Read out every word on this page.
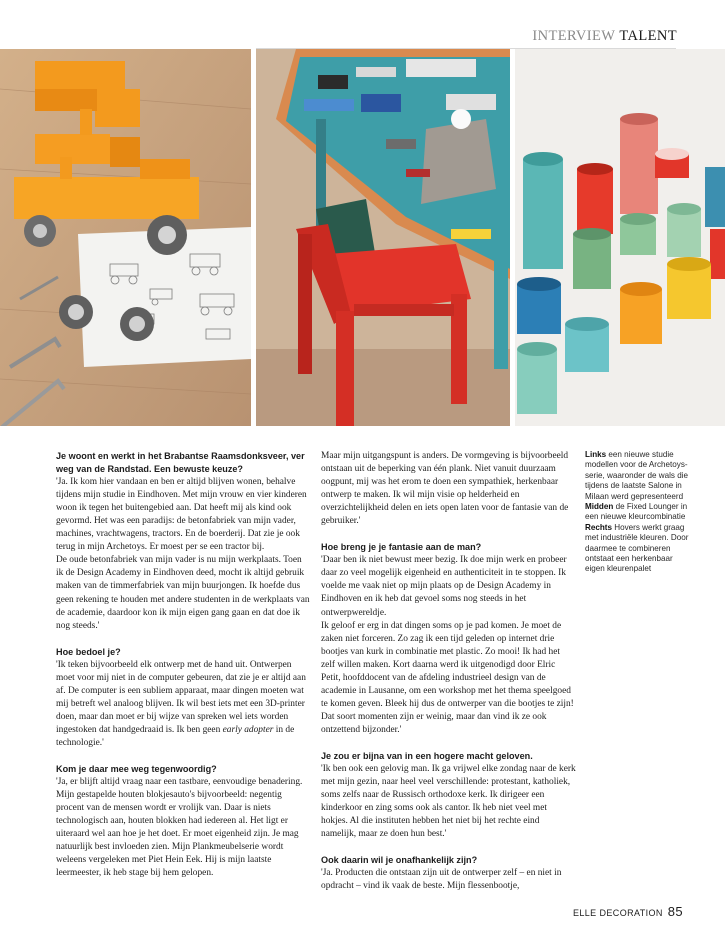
INTERVIEW TALENT

Je woont en werkt in het Brabantse Raamsdonksveer, ver weg van de Randstad. Een bewuste keuze?

'Ja. Ik kom hier vandaan en ben er altijd blijven wonen, behalve tijdens mijn studie in Eindhoven. Met mijn vrouw en vier kinderen woon ik tegen het buitengebied aan. Dat heeft mij als kind ook gevormd. Het was een paradijs: de betonfabriek van mijn vader, machines, vrachtwagens, tractors. En de boerderij. Dat zie je ook terug in mijn Archetoys. Er moest per se een tractor bij.

De oude betonfabriek van mijn vader is nu mijn werkplaats. Toen ik de Design Academy in Eindhoven deed, mocht ik altijd gebruik maken van de timmerfabriek van mijn buurjongen. Ik hoefde dus geen rekening te houden met andere studenten in de werkplaats van de academie, daardoor kon ik mijn eigen gang gaan en dat doe ik nog steeds.'

Hoe bedoel je?

'Ik teken bijvoorbeeld elk ontwerp met de hand uit. Ontwerpen moet voor mij niet in de computer gebeuren, dat zie je er altijd aan af. De computer is een subliem apparaat, maar dingen moeten wat mij betreft wel analoog blijven. Ik wil best iets met een 3D-printer doen, maar dan moet er bij wijze van spreken wel iets worden ingestoken dat handgedraaid is. Ik ben geen early adopter in de technologie.'

Kom je daar mee weg tegenwoordig?

'Ja, er blijft altijd vraag naar een tastbare, eenvoudige benadering. Mijn gestapelde houten blokjesauto's bijvoorbeeld: negentig procent van de mensen wordt er vrolijk van. Daar is niets technologisch aan, houten blokken had iedereen al. Het ligt er uiteraard wel aan hoe je het doet. Er moet eigenheid zijn. Je mag natuurlijk best invloeden zien. Mijn Plankmeubelserie wordt weleens vergeleken met Piet Hein Eek. Hij is mijn laatste leermeester, ik heb stage bij hem gelopen.

Maar mijn uitgangspunt is anders. De vormgeving is bijvoorbeeld ontstaan uit de beperking van één plank. Niet vanuit duurzaam oogpunt, mij was het erom te doen een sympathiek, herkenbaar ontwerp te maken. Ik wil mijn visie op helderheid en overzichtelijkheid delen en iets open laten voor de fantasie van de gebruiker.'

Hoe breng je je fantasie aan de man?

'Daar ben ik niet bewust meer bezig. Ik doe mijn werk en probeer daar zo veel mogelijk eigenheid en authenticiteit in te stoppen. Ik voelde me vaak niet op mijn plaats op de Design Academy in Eindhoven en ik heb dat gevoel soms nog steeds in het ontwerpwereldje.

Ik geloof er erg in dat dingen soms op je pad komen. Je moet de zaken niet forceren. Zo zag ik een tijd geleden op internet drie bootjes van kurk in combinatie met plastic. Zo mooi! Ik had het zelf willen maken. Kort daarna werd ik uitgenodigd door Elric Petit, hoofddocent van de afdeling industrieel design van de academie in Lausanne, om een workshop met het thema speelgoed te komen geven. Bleek hij dus de ontwerper van die bootjes te zijn! Dat soort momenten zijn er weinig, maar dan vind ik ze ook ontzettend bijzonder.'

Je zou er bijna van in een hogere macht geloven.

'Ik ben ook een gelovig man. Ik ga vrijwel elke zondag naar de kerk met mijn gezin, naar heel veel verschillende: protestant, katholiek, soms zelfs naar de Russisch orthodoxe kerk. Ik dirigeer een kinderkoor en zing soms ook als cantor. Ik heb niet veel met hokjes. Al die instituten hebben het niet bij het rechte eind namelijk, maar ze doen hun best.'

Ook daarin wil je onafhankelijk zijn?

'Ja. Producten die ontstaan zijn uit de ontwerper zelf – en niet in opdracht – vind ik vaak de beste. Mijn flessenbootje,

Links een nieuwe studie modellen voor de Archetoys-serie, waaronder de wals die tijdens de laatste Salone in Milaan werd gepresenteerd Midden de Fixed Lounger in een nieuwe kleurcombinatie Rechts Hovers werkt graag met industriële kleuren. Door daarmee te combineren ontstaat een herkenbaar eigen kleurenpalet
ELLE DECORATION 85
